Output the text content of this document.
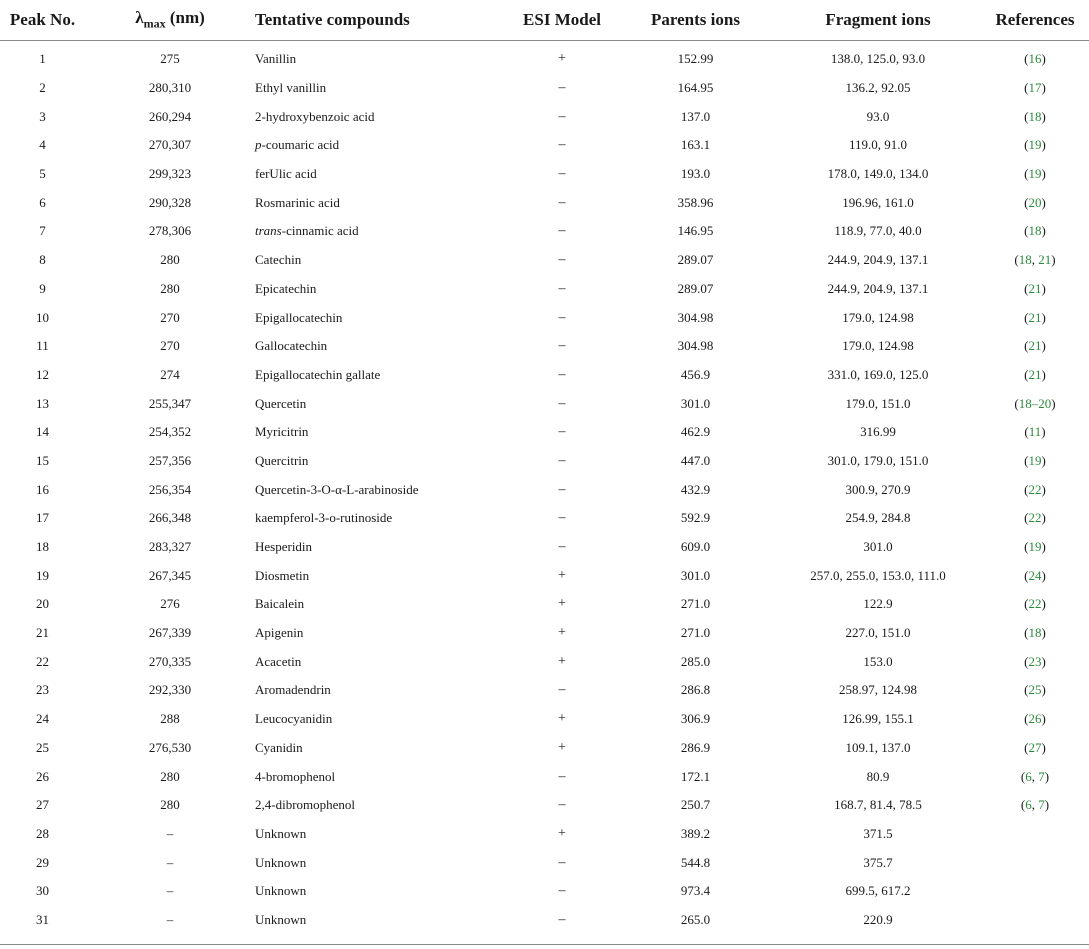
Peak No.	$\lambda_{max}$ (nm)	Tentative compounds	ESI Model	Parents ions	Fragment ions	References
1	275	Vanillin	+	152.99	138.0, 125.0, 93.0	(16)
2	280,310	Ethyl vanillin	–	164.95	136.2, 92.05	(17)
3	260,294	2-hydroxybenzoic acid	–	137.0	93.0	(18)
4	270,307	p-coumaric acid	–	163.1	119.0, 91.0	(19)
5	299,323	ferUlic acid	–	193.0	178.0, 149.0, 134.0	(19)
6	290,328	Rosmarinic acid	–	358.96	196.96, 161.0	(20)
7	278,306	trans-cinnamic acid	–	146.95	118.9, 77.0, 40.0	(18)
8	280	Catechin	–	289.07	244.9, 204.9, 137.1	(18, 21)
9	280	Epicatechin	–	289.07	244.9, 204.9, 137.1	(21)
10	270	Epigallocatechin	–	304.98	179.0, 124.98	(21)
11	270	Gallocatechin	–	304.98	179.0, 124.98	(21)
12	274	Epigallocatechin gallate	–	456.9	331.0, 169.0, 125.0	(21)
13	255,347	Quercetin	–	301.0	179.0, 151.0	(18–20)
14	254,352	Myricitrin	–	462.9	316.99	(11)
15	257,356	Quercitrin	–	447.0	301.0, 179.0, 151.0	(19)
16	256,354	Quercetin-3-O-α-L-arabinoside	–	432.9	300.9, 270.9	(22)
17	266,348	kaempferol-3-o-rutinoside	–	592.9	254.9, 284.8	(22)
18	283,327	Hesperidin	–	609.0	301.0	(19)
19	267,345	Diosmetin	+	301.0	257.0, 255.0, 153.0, 111.0	(24)
20	276	Baicalein	+	271.0	122.9	(22)
21	267,339	Apigenin	+	271.0	227.0, 151.0	(18)
22	270,335	Acacetin	+	285.0	153.0	(23)
23	292,330	Aromadendrin	–	286.8	258.97, 124.98	(25)
24	288	Leucocyanidin	+	306.9	126.99, 155.1	(26)
25	276,530	Cyanidin	+	286.9	109.1, 137.0	(27)
26	280	4-bromophenol	–	172.1	80.9	(6, 7)
27	280	2,4-dibromophenol	–	250.7	168.7, 81.4, 78.5	(6, 7)
28	–	Unknown	+	389.2	371.5	
29	–	Unknown	–	544.8	375.7	
30	–	Unknown	–	973.4	699.5, 617.2	
31	–	Unknown	–	265.0	220.9	
